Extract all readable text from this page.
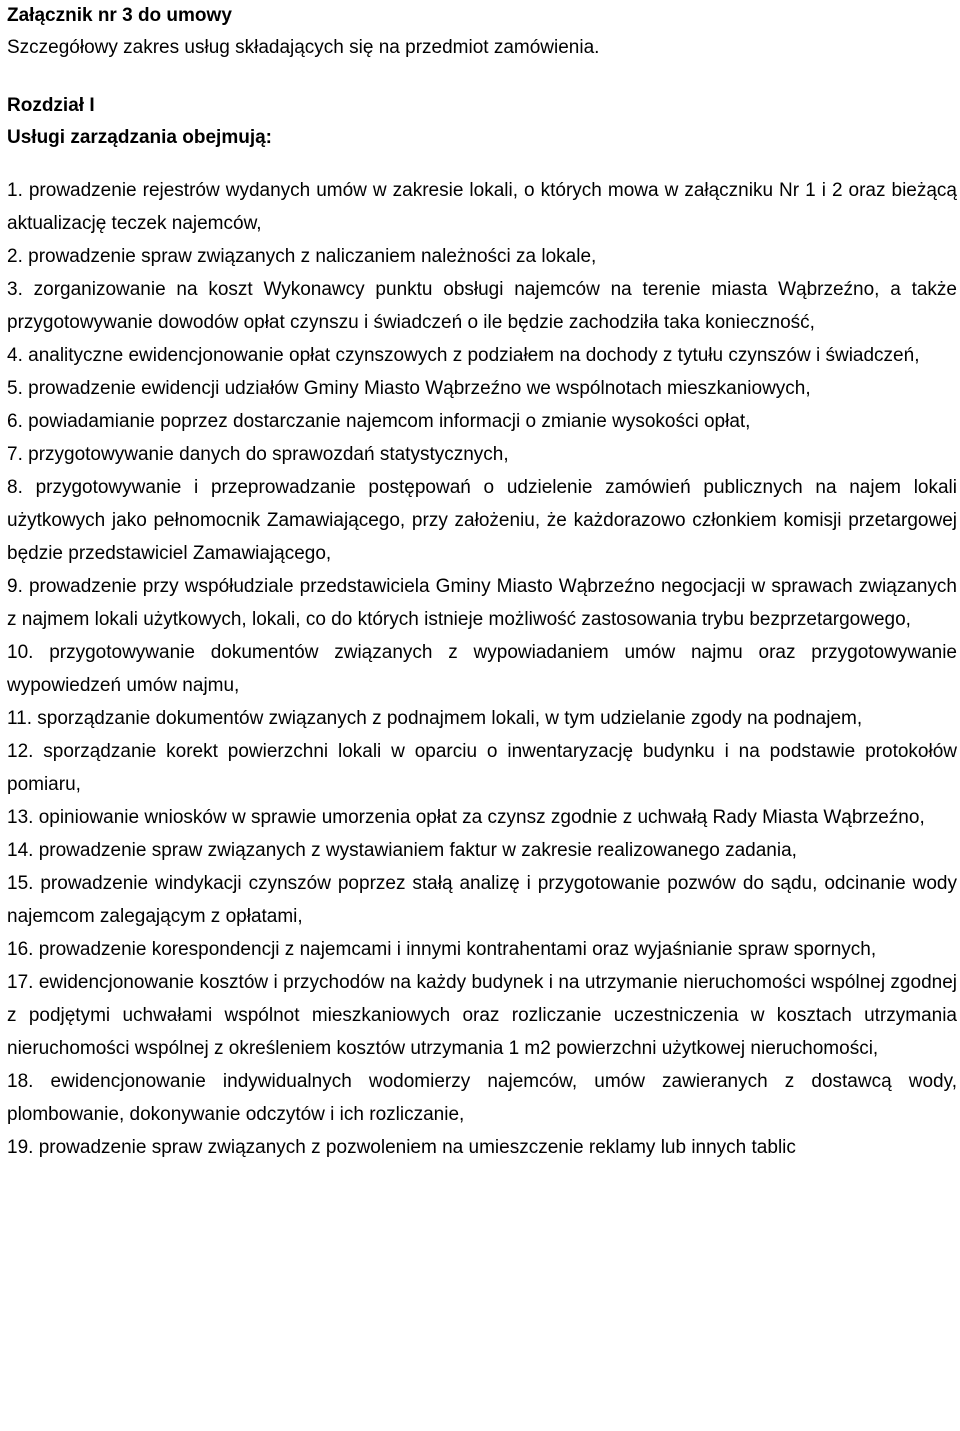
Załącznik nr 3 do umowy

Szczegółowy zakres usług składających się na przedmiot zamówienia.

Rozdział I

Usługi zarządzania obejmują:

1. prowadzenie rejestrów wydanych umów w zakresie lokali, o których mowa w załączniku Nr 1 i 2 oraz bieżącą aktualizację teczek najemców,

2. prowadzenie spraw związanych z naliczaniem należności za lokale,

3. zorganizowanie na koszt Wykonawcy punktu obsługi najemców na terenie miasta Wąbrzeźno, a także przygotowywanie dowodów opłat czynszu i świadczeń o ile będzie zachodziła taka konieczność,

4. analityczne ewidencjonowanie opłat czynszowych z podziałem na dochody z tytułu czynszów i świadczeń,

5. prowadzenie ewidencji udziałów Gminy Miasto Wąbrzeźno we wspólnotach mieszkaniowych,

6. powiadamianie poprzez dostarczanie najemcom informacji o zmianie wysokości opłat,

7. przygotowywanie danych do sprawozdań statystycznych,

8. przygotowywanie i przeprowadzanie postępowań o udzielenie zamówień publicznych na najem lokali użytkowych jako pełnomocnik Zamawiającego, przy założeniu, że każdorazowo członkiem komisji przetargowej będzie przedstawiciel Zamawiającego,

9. prowadzenie przy współudziale przedstawiciela Gminy Miasto Wąbrzeźno negocjacji w sprawach związanych z najmem lokali użytkowych, lokali, co do których istnieje możliwość zastosowania trybu bezprzetargowego,

10. przygotowywanie dokumentów związanych z wypowiadaniem umów najmu oraz przygotowywanie wypowiedzeń umów najmu,

11. sporządzanie dokumentów związanych z podnajmem lokali, w tym udzielanie zgody na podnajem,

12. sporządzanie korekt powierzchni lokali w oparciu o inwentaryzację budynku i na podstawie protokołów pomiaru,

13. opiniowanie wniosków w sprawie umorzenia opłat za czynsz zgodnie z uchwałą Rady Miasta Wąbrzeźno,

14. prowadzenie spraw związanych z wystawianiem faktur w zakresie realizowanego zadania,

15. prowadzenie windykacji czynszów poprzez stałą analizę i przygotowanie pozwów do sądu, odcinanie wody najemcom zalegającym z opłatami,

16. prowadzenie korespondencji z najemcami i innymi kontrahentami oraz wyjaśnianie spraw spornych,

17. ewidencjonowanie kosztów i przychodów na każdy budynek i na utrzymanie nieruchomości wspólnej zgodnej z podjętymi uchwałami wspólnot mieszkaniowych oraz rozliczanie uczestniczenia w kosztach utrzymania nieruchomości wspólnej z określeniem kosztów utrzymania 1 m2 powierzchni użytkowej nieruchomości,

18. ewidencjonowanie indywidualnych wodomierzy najemców, umów zawieranych z dostawcą wody, plombowanie, dokonywanie odczytów i ich rozliczanie,

19. prowadzenie spraw związanych z pozwoleniem na umieszczenie reklamy lub innych tablic
